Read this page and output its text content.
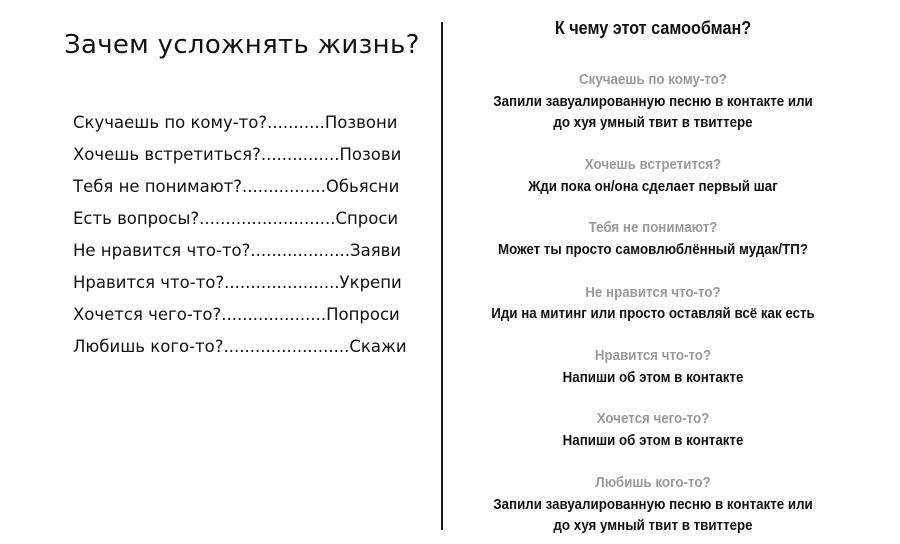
Зачем усложнять жизнь?
Скучаешь по кому-то?...........Позвони
Хочешь встретиться?...............Позови
Тебя не понимают?................Обьясни
Есть вопросы?..........................Спроси
Не нравится что-то?...................Заяви
Нравится что-то?......................Укрепи
Хочется чего-то?....................Попроси
Любишь кого-то?........................Скажи
К чему этот самообман?
Скучаешь по кому-то?
Запили завуалированную песню в контакте или
до хуя умный твит в твиттере
Хочешь встретится?
Жди пока он/она сделает первый шаг
Тебя не понимают?
Может ты просто самовлюблённый мудак/ТП?
Не нравится что-то?
Иди на митинг или просто оставляй всё как есть
Нравится что-то?
Напиши об этом в контакте
Хочется чего-то?
Напиши об этом в контакте
Любишь кого-то?
Запили завуалированную песню в контакте или
до хуя умный твит в твиттере
